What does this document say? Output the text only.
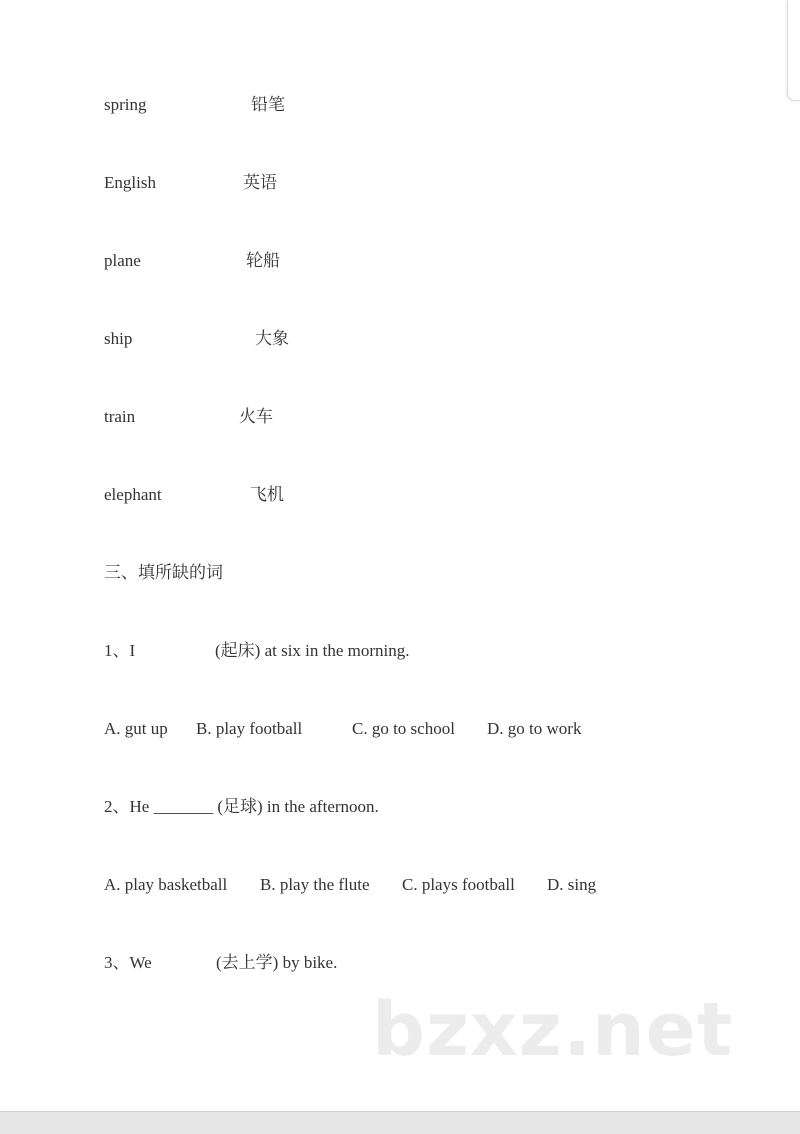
spring	铅笔
English	英语
plane	轮船
ship	大象
train	火车
elephant	飞机
三、填所缺的词
1、I	(起床) at six in the morning.
A. gut up B. play football	C. go to school D. go to work
2、He _______ (足球) in the afternoon.
A. play basketball B. play the flute C. plays football D. sing
3、We	(去上学) by bike.
bzxz.net
